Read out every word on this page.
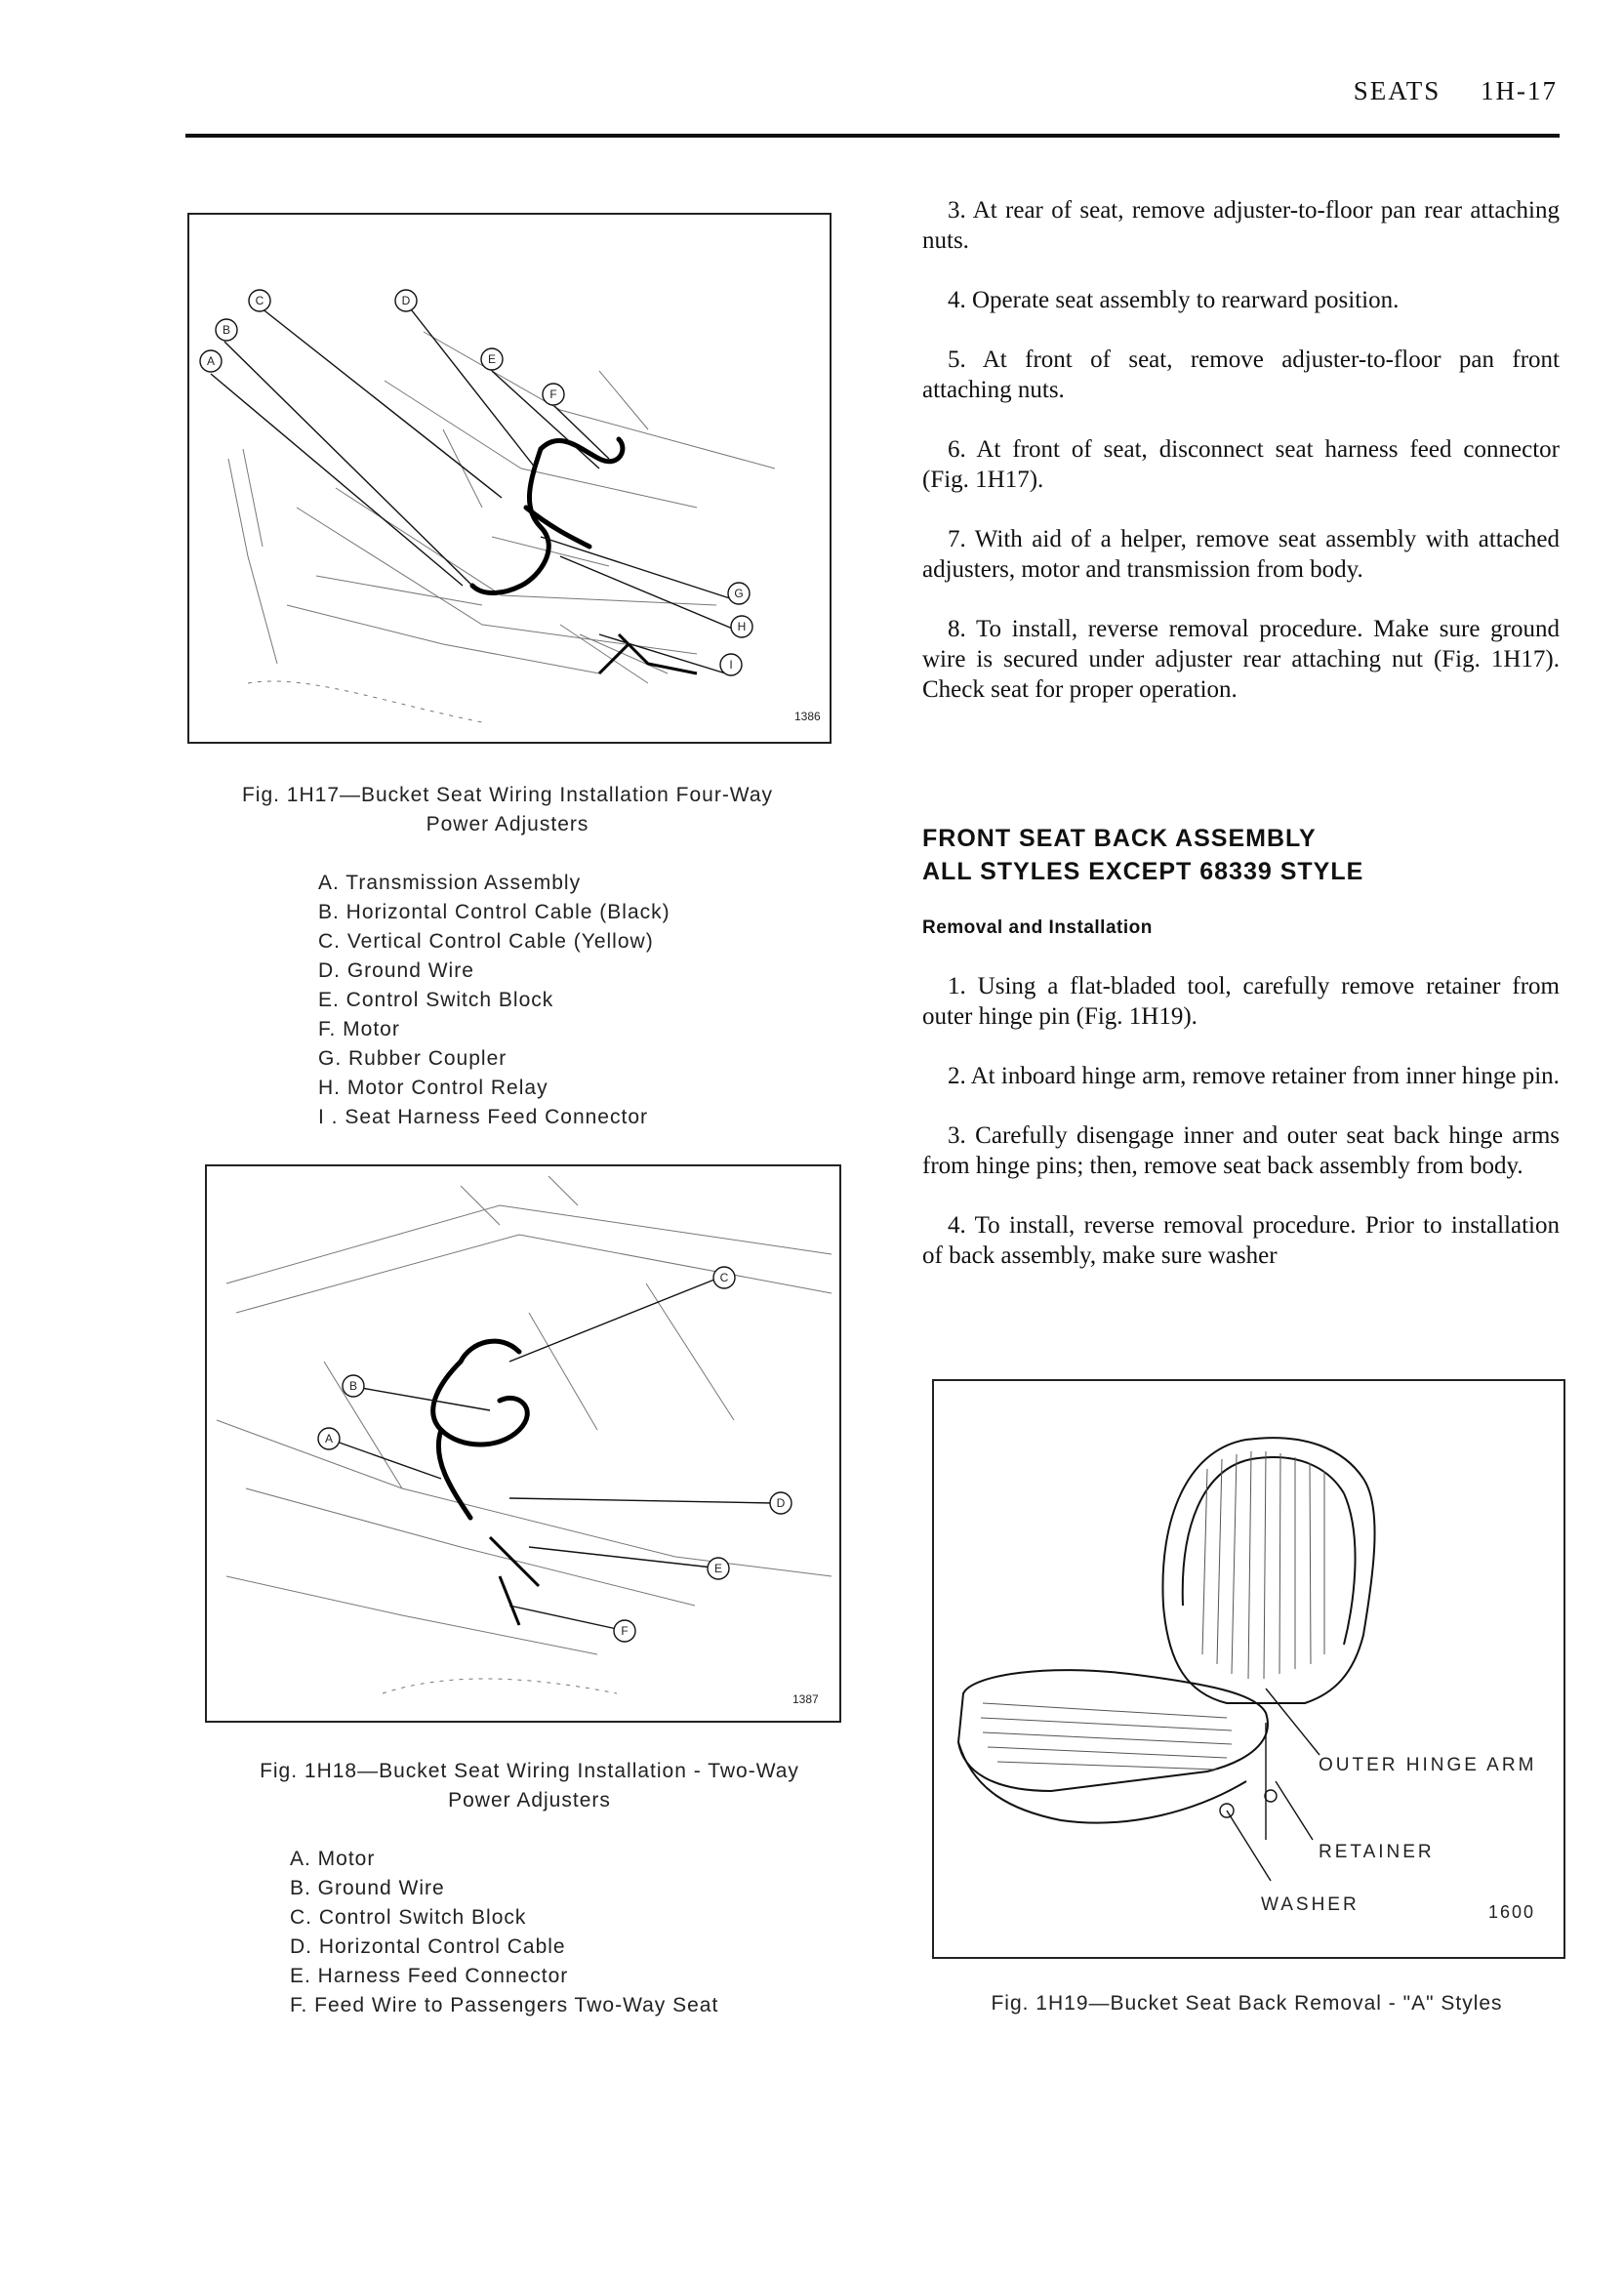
SEATS 1H-17
C
B
A
D
E
F
G
H
I
1386
Fig. 1H17—Bucket Seat Wiring Installation Four-Way
Power Adjusters
A. Transmission Assembly
B. Horizontal Control Cable (Black)
C. Vertical Control Cable (Yellow)
D. Ground Wire
E. Control Switch Block
F. Motor
G. Rubber Coupler
H. Motor Control Relay
I . Seat Harness Feed Connector
C
B
A
D
E
F
1387
Fig. 1H18—Bucket Seat Wiring Installation - Two-Way
Power Adjusters
A. Motor
B. Ground Wire
C. Control Switch Block
D. Horizontal Control Cable
E. Harness Feed Connector
F. Feed Wire to Passengers Two-Way Seat

3. At rear of seat, remove adjuster-to-floor pan rear attaching nuts.

4. Operate seat assembly to rearward position.

5. At front of seat, remove adjuster-to-floor pan front attaching nuts.

6. At front of seat, disconnect seat harness feed connector (Fig. 1H17).

7. With aid of a helper, remove seat assembly with attached adjusters, motor and transmission from body.

8. To install, reverse removal procedure. Make sure ground wire is secured under adjuster rear attaching nut (Fig. 1H17). Check seat for proper operation.

FRONT SEAT BACK ASSEMBLY
ALL STYLES EXCEPT 68339 STYLE
Removal and Installation

1. Using a flat-bladed tool, carefully remove retainer from outer hinge pin (Fig. 1H19).

2. At inboard hinge arm, remove retainer from inner hinge pin.

3. Carefully disengage inner and outer seat back hinge arms from hinge pins; then, remove seat back assembly from body.

4. To install, reverse removal procedure. Prior to installation of back assembly, make sure washer

OUTER HINGE ARM
RETAINER
WASHER	1600
Fig. 1H19—Bucket Seat Back Removal - "A" Styles
